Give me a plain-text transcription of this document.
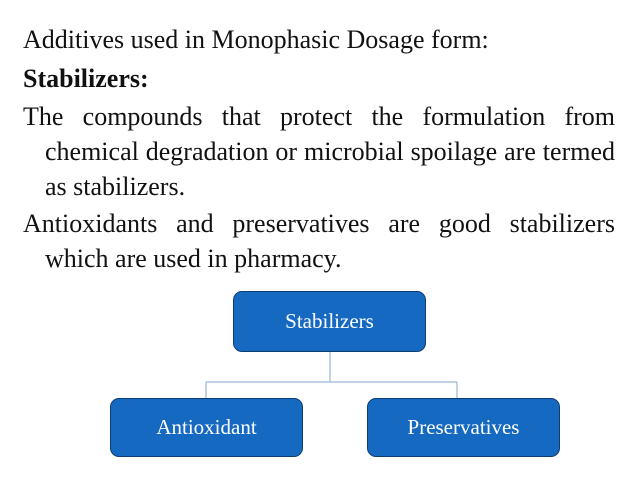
Additives used in Monophasic Dosage form:

Stabilizers:

The compounds that protect the formulation from chemical degradation or microbial spoilage are termed as stabilizers.

Antioxidants and preservatives are good stabilizers which are used in pharmacy.

Stabilizers
Antioxidant	Preservatives
